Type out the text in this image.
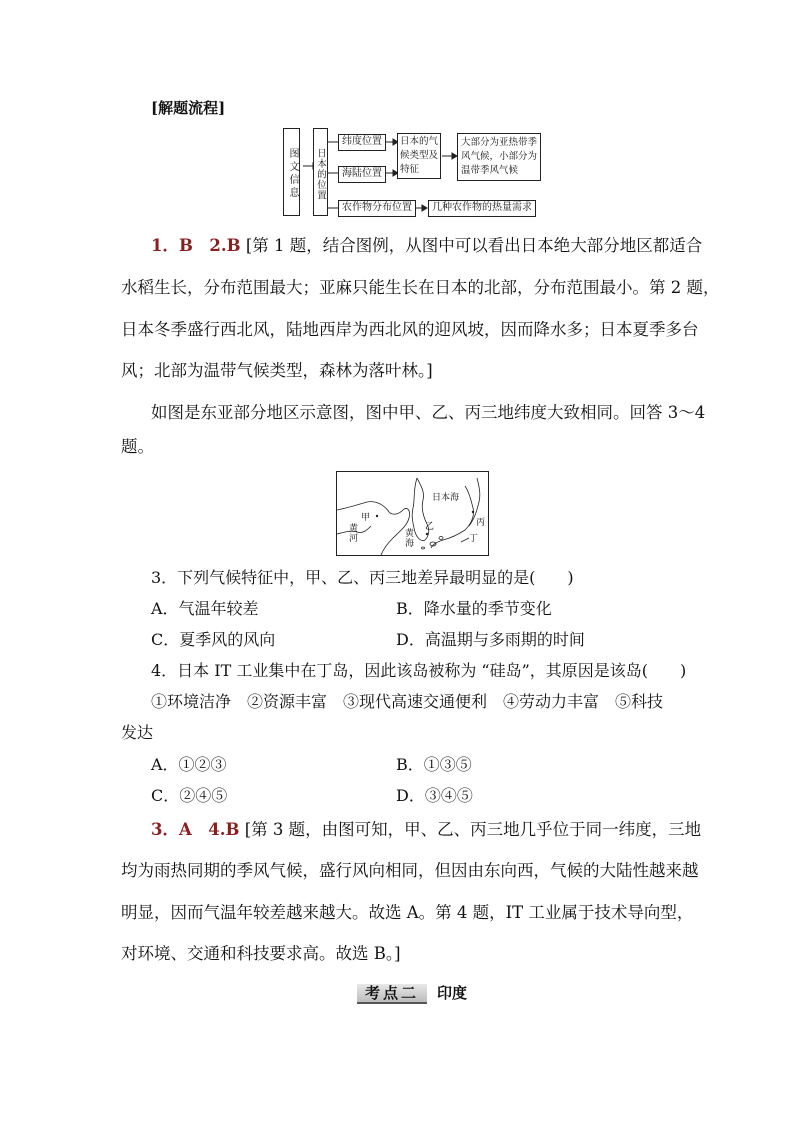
[解题流程]
图文信息 日本的位置
纬度位置
海陆位置
日本的气候类型及特征
大部分为亚热带季风气候，小部分为温带季风气候
农作物分布位置	几种农作物的热量需求
1．B　2.B [第 1 题，结合图例，从图中可以看出日本绝大部分地区都适合
水稻生长，分布范围最大；亚麻只能生长在日本的北部，分布范围最小。第 2 题，
日本冬季盛行西北风，陆地西岸为西北风的迎风坡，因而降水多；日本夏季多台
风；北部为温带气候类型，森林为落叶林。]
如图是东亚部分地区示意图，图中甲、乙、丙三地纬度大致相同。回答 3～4
题。
日本海
甲
乙	丙
丁
黄海
黄河
3．下列气候特征中，甲、乙、丙三地差异最明显的是(　　)
A．气温年较差	B．降水量的季节变化
C．夏季风的风向	D．高温期与多雨期的时间
4．日本 IT 工业集中在丁岛，因此该岛被称为 “硅岛”，其原因是该岛(　　)
①环境洁净　②资源丰富　③现代高速交通便利　④劳动力丰富　⑤科技
发达
A．①②③	B．①③⑤
C．②④⑤	D．③④⑤
3．A　4.B [第 3 题，由图可知，甲、乙、丙三地几乎位于同一纬度，三地
均为雨热同期的季风气候，盛行风向相同，但因由东向西，气候的大陆性越来越
明显，因而气温年较差越来越大。故选 A。第 4 题，IT 工业属于技术导向型，
对环境、交通和科技要求高。故选 B。]
考点二	印度
